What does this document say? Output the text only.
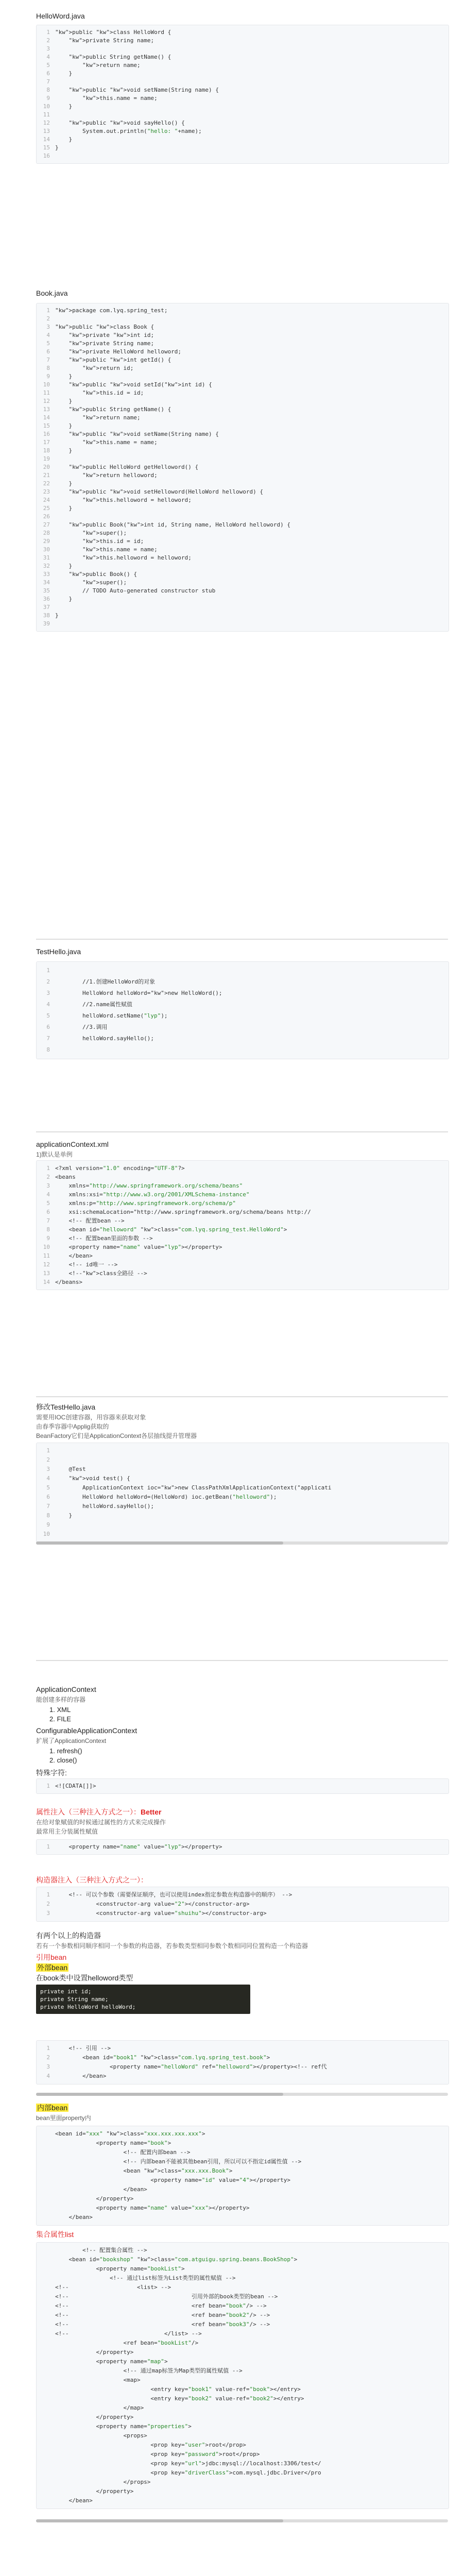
HelloWord.java

1 "kw">public "kw">class HelloWord {
2	"kw">private String name;
3
4	"kw">public String getName() {
5	"kw">return name;
6 }
7
8	"kw">public "kw">void setName(String name) {
9	"kw">this.name = name;
10 }
11
12	"kw">public "kw">void sayHello() {
13 System.out.println("hello: "+name);
14 }
15 }
16

Book.java

1 "kw">package com.lyq.spring_test;
2
3 "kw">public "kw">class Book {
4	"kw">private "kw">int id;
5	"kw">private String name;
6	"kw">private HelloWord helloword;
7	"kw">public "kw">int getId() {
8	"kw">return id;
9 }
10	"kw">public "kw">void setId("kw">int id) {
11	"kw">this.id = id;
12 }
13	"kw">public String getName() {
14	"kw">return name;
15 }
16	"kw">public "kw">void setName(String name) {
17	"kw">this.name = name;
18 }
19
20	"kw">public HelloWord getHelloword() {
21	"kw">return helloword;
22 }
23	"kw">public "kw">void setHelloword(HelloWord helloword) {
24	"kw">this.helloword = helloword;
25 }
26
27	"kw">public Book("kw">int id, String name, HelloWord helloword) {
28	"kw">super();
29	"kw">this.id = id;
30	"kw">this.name = name;
31	"kw">this.helloword = helloword;
32 }
33	"kw">public Book() {
34	"kw">super();
35 // TODO Auto-generated constructor stub
36 }
37
38 }
39

TestHello.java

1
2 //1.创建HelloWord的对象
3 HelloWord helloWord="kw">new HelloWord();
4 //2.name属性赋值
5 helloWord.setName("lyp");
6 //3.调用
7 helloWord.sayHello();
8

applicationContext.xml

1)默认是单例

1 <?xml version="1.0" encoding="UTF-8"?>
2 <beans
3 xmlns="http://www.springframework.org/schema/beans"
4 xmlns:xsi="http://www.w3.org/2001/XMLSchema-instance"
5 xmlns:p="http://www.springframework.org/schema/p"
6 xsi:schemaLocation="http://www.springframework.org/schema/beans http://
7 <!-- 配置bean -->
8 <bean id="helloword" "kw">class="com.lyq.spring_test.HelloWord">
9 <!-- 配置bean里面的参数 -->
10 <property name="name" value="lyp"></property>
11 </bean>
12 <!-- id唯一 -->
13 <!--"kw">class全路径 -->
14 </beans>

修改TestHello.java

需要用IOC创建容器，用容器来获取对象

由春季容器中Applig获取的

BeanFactory它们是ApplicationContext各层抽线提升管理器

1
2
3 @Test
4	"kw">void test() {
5 ApplicationContext ioc="kw">new ClassPathXmlApplicationContext("applicati
6 HelloWord helloWord=(HelloWord) ioc.getBean("helloword");
7 helloWord.sayHello();
8 }
9
10

ApplicationContext

能创建多样的容器

1. XML

2. FILE

ConfigurableApplicationContext

扩展了ApplicationContext

1. refresh()

2. close()

特殊字符:

1 <![CDATA[]]>

属性注入（三种注入方式之一）：Better

在给对象赋值的时候通过属性的方式来完成操作

最常用主分装属性赋值

1 <property name="name" value="lyp"></property>

构造器注入（三种注入方式之一）：

1 <!-- 可以个参数（需要保证顺序，也可以使用index指定参数在构造器中的顺序） -->
2 <constructor-arg value="2"></constructor-arg>
3 <constructor-arg value="shuihu"></constructor-arg>

有两个以上的构造器

若有一个参数相同顺序相同一个参数的构造器，若参数类型相同参数个数相同同位置构造一个构造器

引用bean

外部bean

在book类中设置helloword类型

private int id;
private String name;
private HelloWord helloWord;
1 <!-- 引用 -->
2 <bean id="book1" "kw">class="com.lyq.spring_test.book">
3 <property name="helloWord" ref="helloword"></property><!-- ref代
4 </bean>

内部bean

bean里面property内

<bean id="xxx" "kw">class="xxx.xxx.xxx.xxx">
<property name="book">
<!-- 配置内部bean -->
<!-- 内部bean不能被其他bean引用，所以可以不指定id属性值 -->
<bean "kw">class="xxx.xxx.Book">
<property name="id" value="4"></property>
</bean>
</property>
<property name="name" value="xxx"></property>
</bean>

集合属性list

<!-- 配置集合属性 -->
<bean id="bookshop" "kw">class="com.atguigu.spring.beans.BookShop">
<property name="bookList">
<!-- 通过list标签为List类型的属性赋值 -->
<!--                    <list> -->
<!--                                    引用外部的book类型的bean -->
<!--                                    <ref bean="book"/> -->
<!--                                    <ref bean="book2"/> -->
<!--                                    <ref bean="book3"/> -->
<!--                            </list> -->
<ref bean="bookList"/>
</property>
<property name="map">
<!-- 通过map标签为Map类型的属性赋值 -->
<map>
<entry key="book1" value-ref="book"></entry>
<entry key="book2" value-ref="book2"></entry>
</map>
</property>
<property name="properties">
<props>
<prop key="user">root</prop>
<prop key="password">root</prop>
<prop key="url">jdbc:mysql://localhost:3306/test</
<prop key="driverClass">com.mysql.jdbc.Driver</pro
</props>
</property>
</bean>
